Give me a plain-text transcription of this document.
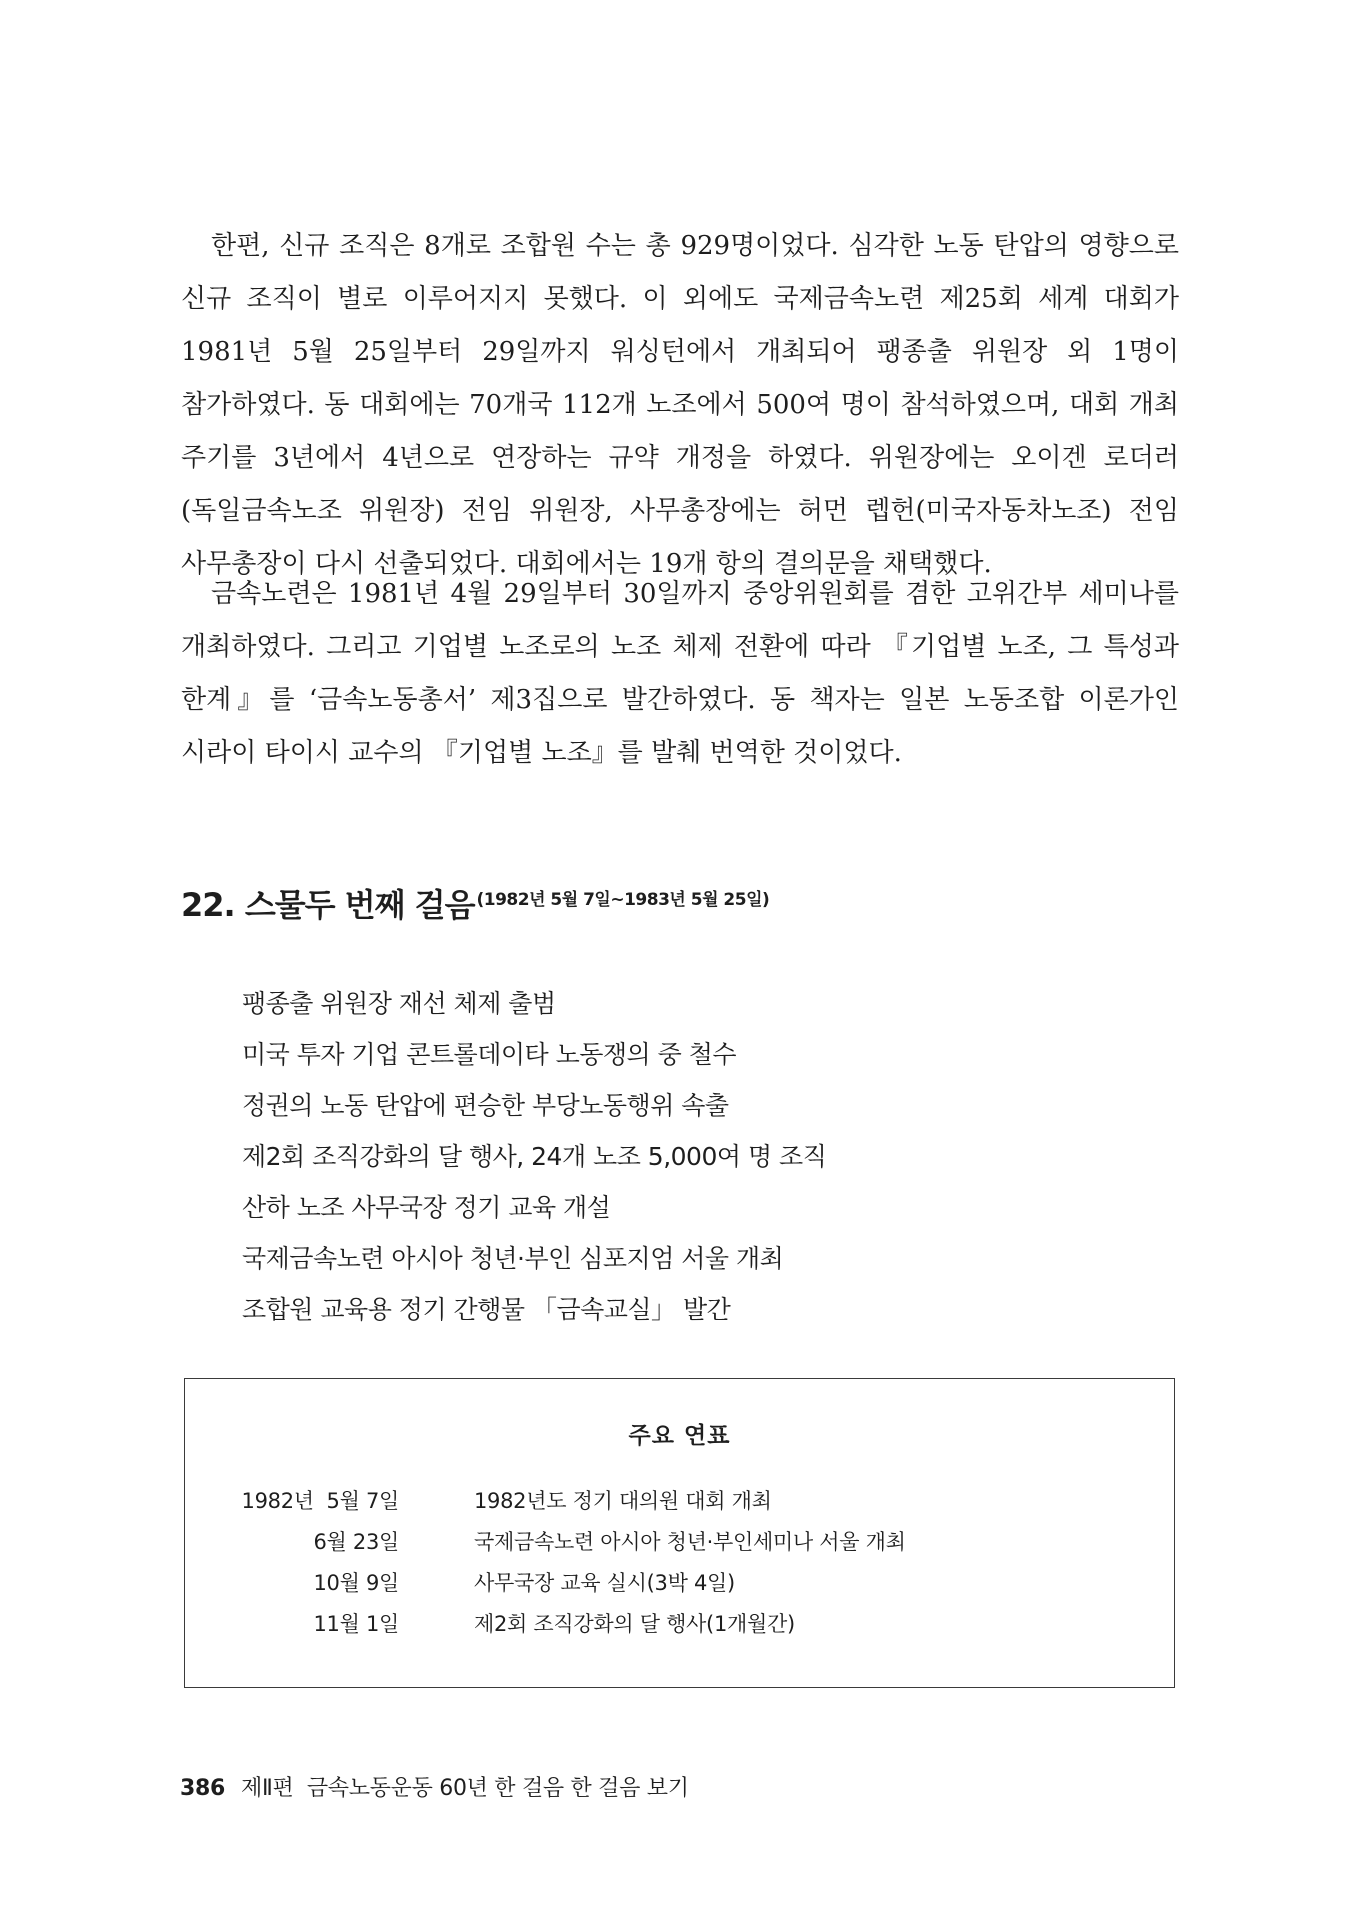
한편, 신규 조직은 8개로 조합원 수는 총 929명이었다. 심각한 노동 탄압의 영향으로 신규 조직이 별로 이루어지지 못했다. 이 외에도 국제금속노련 제25회 세계 대회가 1981년 5월 25일부터 29일까지 워싱턴에서 개최되어 팽종출 위원장 외 1명이 참가하였다. 동 대회에는 70개국 112개 노조에서 500여 명이 참석하였으며, 대회 개최 주기를 3년에서 4년으로 연장하는 규약 개정을 하였다. 위원장에는 오이겐 로더러(독일금속노조 위원장) 전임 위원장, 사무총장에는 허먼 렙헌(미국자동차노조) 전임 사무총장이 다시 선출되었다. 대회에서는 19개 항의 결의문을 채택했다.

금속노련은 1981년 4월 29일부터 30일까지 중앙위원회를 겸한 고위간부 세미나를 개최하였다. 그리고 기업별 노조로의 노조 체제 전환에 따라 『기업별 노조, 그 특성과 한계』를 ‘금속노동총서’ 제3집으로 발간하였다. 동 책자는 일본 노동조합 이론가인 시라이 타이시 교수의 『기업별 노조』를 발췌 번역한 것이었다.

22. 스물두 번째 걸음 $^{(1982년 5월 7일\sim 1983년 5월 25일)}$
팽종출 위원장 재선 체제 출범
미국 투자 기업 콘트롤데이타 노동쟁의 중 철수
정권의 노동 탄압에 편승한 부당노동행위 속출
제2회 조직강화의 달 행사, 24개 노조 5,000여 명 조직
산하 노조 사무국장 정기 교육 개설
국제금속노련 아시아 청년·부인 심포지엄 서울 개최
조합원 교육용 정기 간행물 「금속교실」 발간
주요 연표
1982년  5월 7일	1982년도 정기 대의원 대회 개최
6월 23일	국제금속노련 아시아 청년·부인세미나 서울 개최
10월 9일	사무국장 교육 실시(3박 4일)
11월 1일	제2회 조직강화의 달 행사(1개월간)
386 제Ⅱ편  금속노동운동 60년 한 걸음 한 걸음 보기
